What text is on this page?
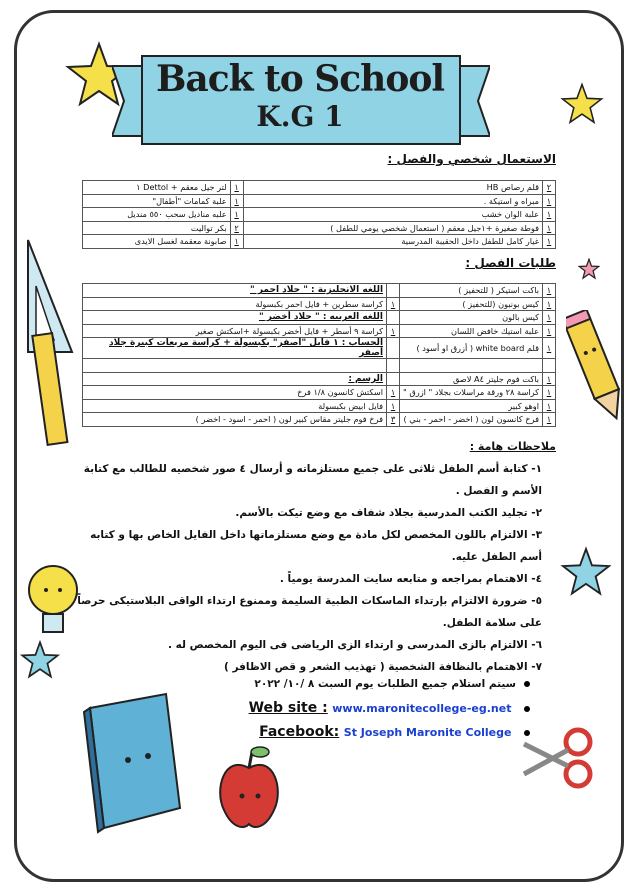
Back to School
K.G 1
الاستعمال شخصي والفصل :
٢	قلم رصاص HB	١	لتر جيل معقم + Dettol ١
١	مبراه و استيكة .	١	علبة كمامات "أطفال"
١	علبة الوان خشب	١	علبه مناديل سحب ٥٥٠ منديل
١	فوطة صغيرة +١جيل معقم ( استعمال شخصي يومي للطفل )	٢	بكر تواليت
١	غيار كامل للطفل داخل الحقيبة المدرسية	١	صابونة معقمة لغسل الايدى
طلبات الفصل :
١	باكت استيكر ( للتحفيز )		اللغه الانجليزية : " جلاد احمر "
١	كيس بونبون (للتحفيز )	١	كراسة سطرين + فايل احمر بكبسولة
١	كيس بالون		اللغه العربيه : " جلاد أخضر "
١	علبة استيك خافض اللسان	١	كراسة ٩ أسطر + فايل أخضر بكبسولة +اسكتش صغير
١	قلم white board ( أزرق او أسود )		الحساب : ١ فايل "أصفر" بكبسولة + كراسة مربعات كبيرة جلاد أصفر

١	باكت فوم جليتر A٤ لاصق		الرسم :
١	كراسة ٢٨ ورقة مراسلات بجلاد " ازرق "	١	اسكتش كانسون ١/٨ فرخ
١	اوهو كبير	١	فايل ابيض بكبسولة
١	فرخ كانسون لون ( اخضر - احمر - بني )	٣	فرخ فوم جليتر مقاس كبير لون ( احمر - اسود - اخضر )
ملاحظات هامة :

١- كتابة أسم الطفل ثلاثى على جميع مستلزماته و أرسال ٤ صور شخصيه للطالب مع كتابة الأسم و الفصل .

٢- تجليد الكتب المدرسية بجلاد شفاف مع وضع تيكت بالأسم.

٣- الالتزام باللون المخصص لكل مادة مع وضع مستلزماتها داخل الفايل الخاص بها و كتابه أسم الطفل عليه.

٤- الاهتمام بمراجعه و متابعه سايت المدرسة يومياً .

٥- ضرورة الالتزام بإرتداء الماسكات الطبية السليمة وممنوع ارتداء الواقى البلاستيكى حرصاً على سلامة الطفل.

٦- الالتزام بالزى المدرسى و ارتداء الزى الرياضى فى اليوم المخصص له .

٧- الاهتمام بالنظافة الشخصية ( تهذيب الشعر و قص الاظافر )

سيتم استلام جميع الطلبات يوم السبت ٨ /١٠/ ٢٠٢٢
Web site : www.maronitecollege-eg.net
Facebook: St Joseph Maronite College
